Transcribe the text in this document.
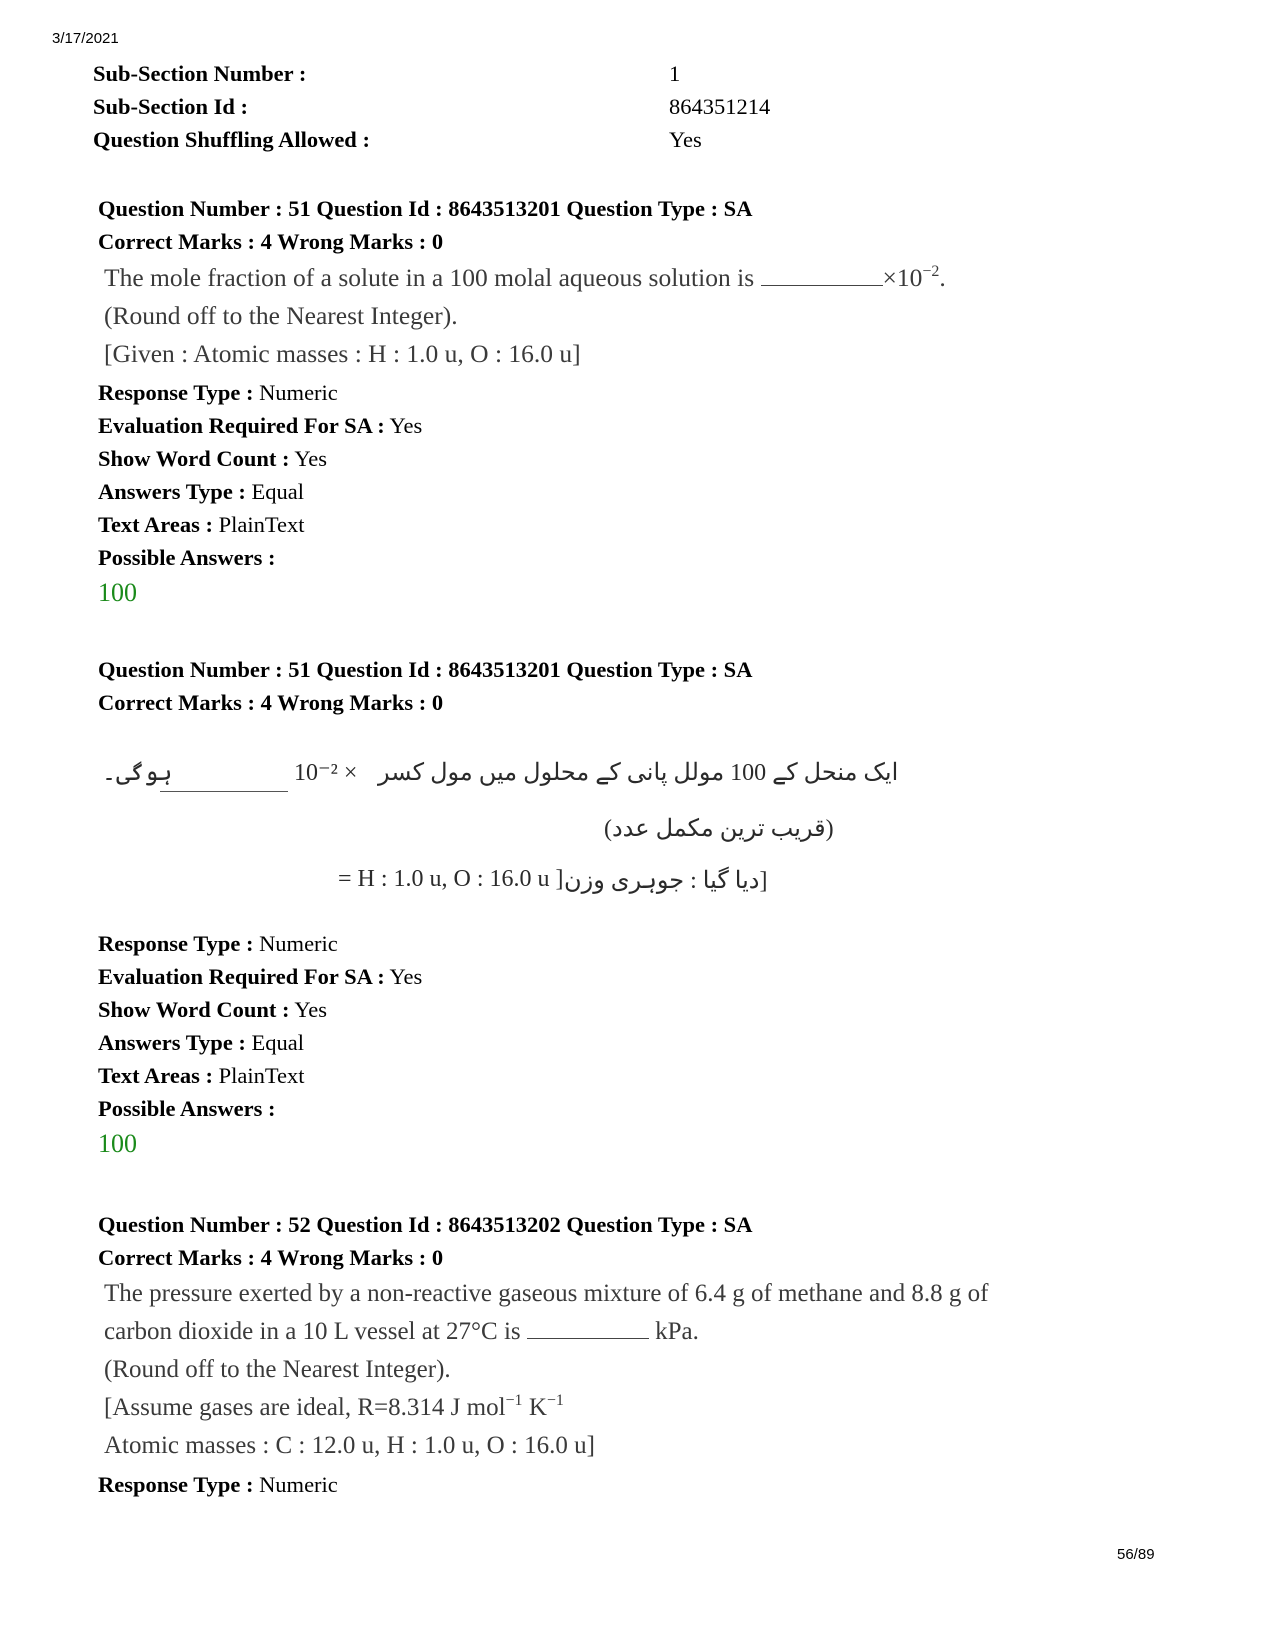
3/17/2021
Sub-Section Number :	1
Sub-Section Id :	864351214
Question Shuffling Allowed :	Yes
Question Number : 51 Question Id : 8643513201 Question Type : SA
Correct Marks : 4 Wrong Marks : 0
The mole fraction of a solute in a 100 molal aqueous solution is	$\times 10^{-2}$.
(Round off to the Nearest Integer).
[Given : Atomic masses : H : 1.0 u, O : 16.0 u]
Response Type : Numeric
Evaluation Required For SA : Yes
Show Word Count : Yes
Answers Type : Equal
Text Areas : PlainText
Possible Answers :
100
Question Number : 51 Question Id : 8643513201 Question Type : SA
Correct Marks : 4 Wrong Marks : 0
ایک منحل کے 100 مولل پانی کے محلول میں مول کسر
10⁻² ×
ہوگی۔
(قریب ترین مکمل عدد)
[دیا گیا : جوہری وزن
= H : 1.0 u, O : 16.0 u ]
Response Type : Numeric
Evaluation Required For SA : Yes
Show Word Count : Yes
Answers Type : Equal
Text Areas : PlainText
Possible Answers :
100
Question Number : 52 Question Id : 8643513202 Question Type : SA
Correct Marks : 4 Wrong Marks : 0
The pressure exerted by a non-reactive gaseous mixture of 6.4 g of methane and 8.8 g of
carbon dioxide in a 10 L vessel at 27°C is	kPa.
(Round off to the Nearest Integer).
[Assume gases are ideal, R=8.314 J mol$^{-1}$ $K^{-1}$
Atomic masses : C : 12.0 u, H : 1.0 u, O : 16.0 u]
Response Type : Numeric
56/89
